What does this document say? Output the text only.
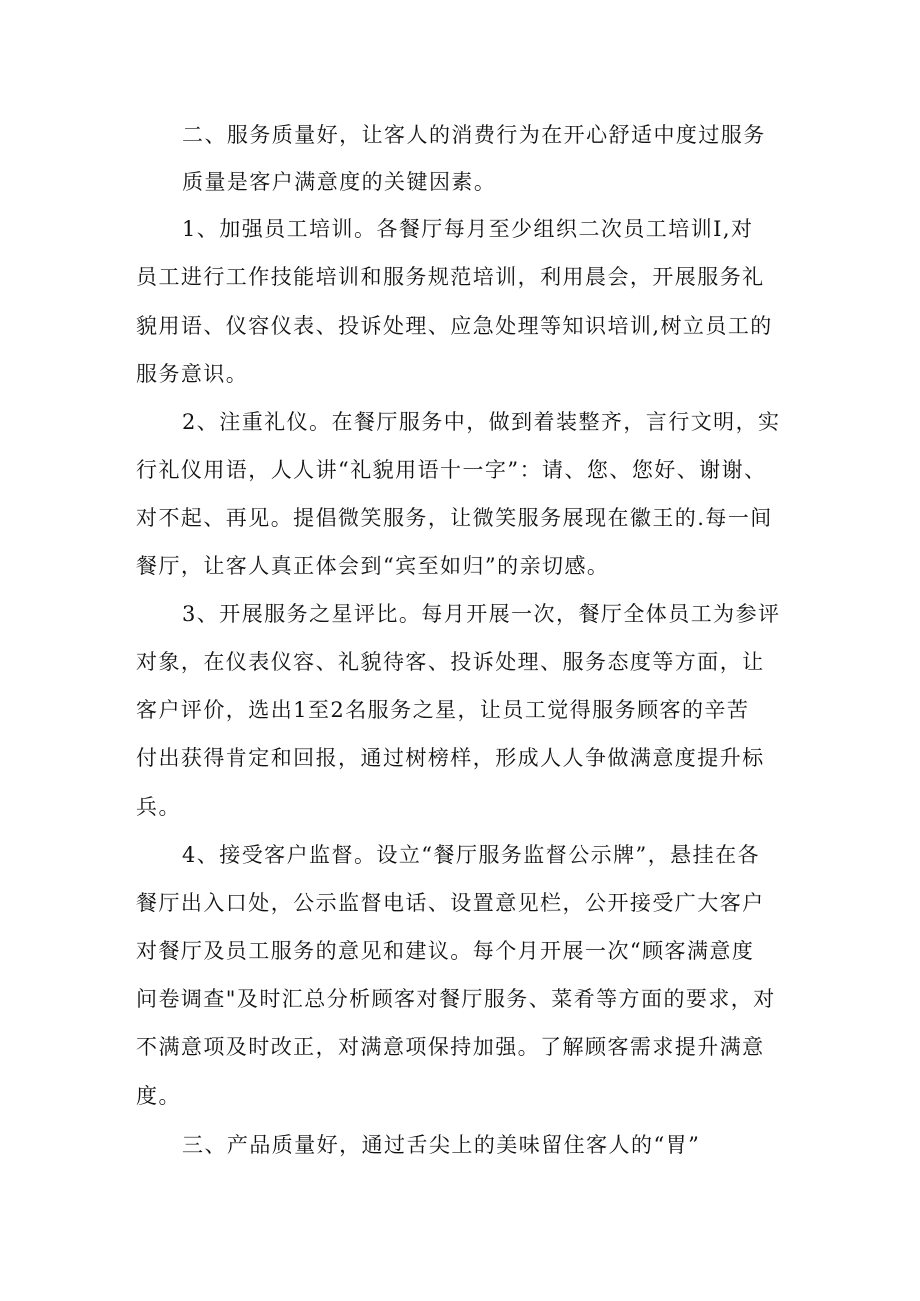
二、服务质量好，让客人的消费行为在开心舒适中度过服务
质量是客户满意度的关键因素。
1、加强员工培训。各餐厅每月至少组织二次员工培训I,对
员工进行工作技能培训和服务规范培训，利用晨会，开展服务礼
貌用语、仪容仪表、投诉处理、应急处理等知识培训,树立员工的
服务意识。
2、注重礼仪。在餐厅服务中，做到着装整齐，言行文明，实
行礼仪用语，人人讲“礼貌用语十一字”：请、您、您好、谢谢、
对不起、再见。提倡微笑服务，让微笑服务展现在徽王的.每一间
餐厅，让客人真正体会到“宾至如归”的亲切感。
3、开展服务之星评比。每月开展一次，餐厅全体员工为参评
对象，在仪表仪容、礼貌待客、投诉处理、服务态度等方面，让
客户评价，选出1至2名服务之星，让员工觉得服务顾客的辛苦
付出获得肯定和回报，通过树榜样，形成人人争做满意度提升标
兵。
4、接受客户监督。设立“餐厅服务监督公示牌”，悬挂在各
餐厅出入口处，公示监督电话、设置意见栏，公开接受广大客户
对餐厅及员工服务的意见和建议。每个月开展一次“顾客满意度
问卷调查"及时汇总分析顾客对餐厅服务、菜肴等方面的要求，对
不满意项及时改正，对满意项保持加强。了解顾客需求提升满意
度。
三、产品质量好，通过舌尖上的美味留住客人的“胃”
